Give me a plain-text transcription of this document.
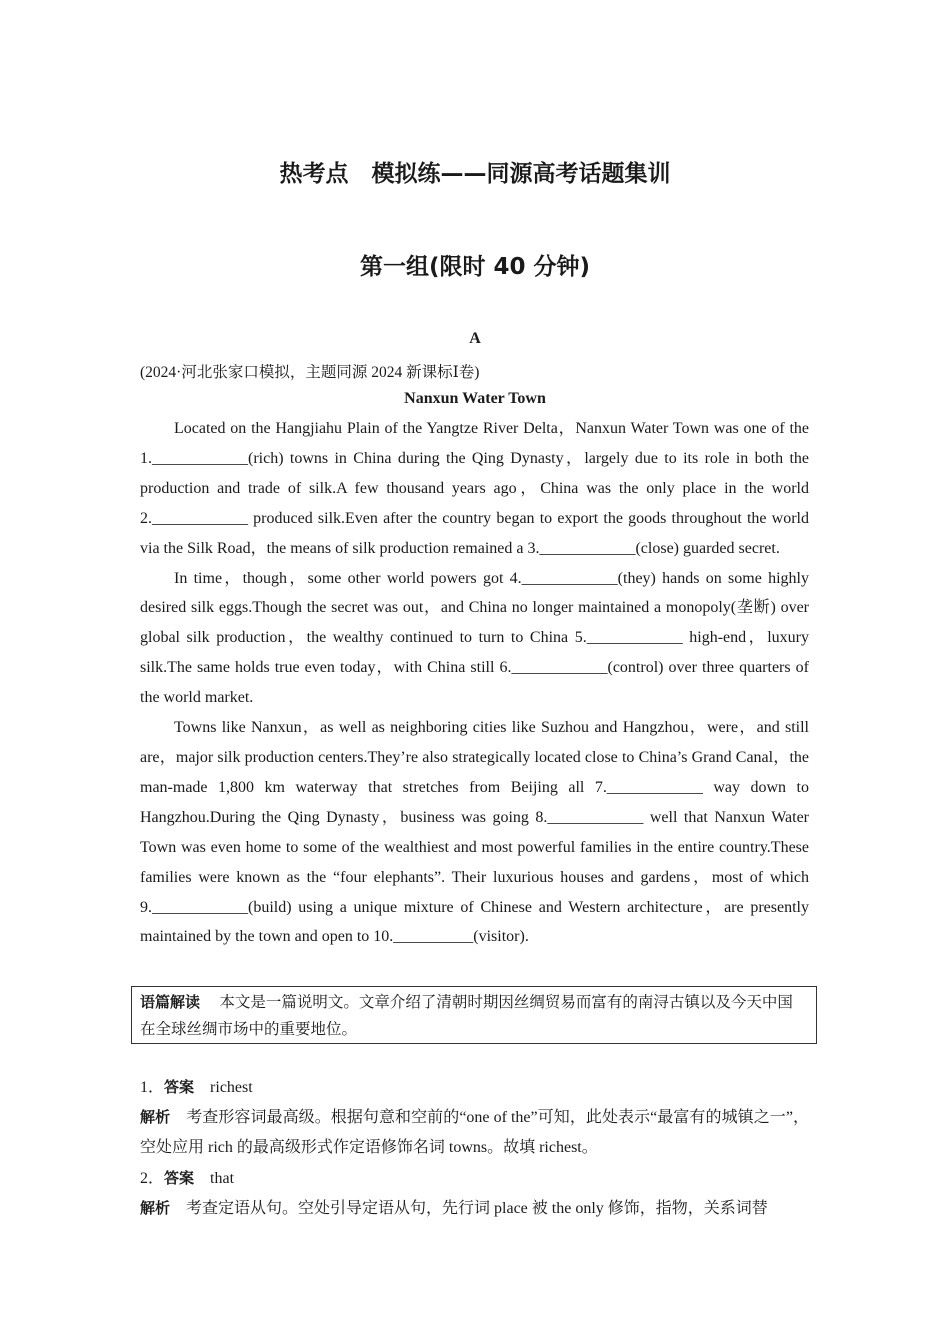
热考点　模拟练——同源高考话题集训
第一组(限时 40 分钟)
A
(2024·河北张家口模拟，主题同源 2024 新课标Ⅰ卷)
Nanxun Water Town

Located on the Hangjiahu Plain of the Yangtze River Delta，Nanxun Water Town was one of the 1.____________(rich) towns in China during the Qing Dynasty，largely due to its role in both the production and trade of silk.A few thousand years ago，China was the only place in the world 2.____________ produced silk.Even after the country began to export the goods throughout the world via the Silk Road，the means of silk production remained a 3.____________(close) guarded secret.

In time，though，some other world powers got 4.____________(they) hands on some highly desired silk eggs.Though the secret was out，and China no longer maintained a monopoly(垄断) over global silk production，the wealthy continued to turn to China 5.____________ high-end，luxury silk.The same holds true even today，with China still 6.____________(control) over three quarters of the world market.

Towns like Nanxun，as well as neighboring cities like Suzhou and Hangzhou，were，and still are，major silk production centers.They’re also strategically located close to China’s Grand Canal，the man-made 1,800 km waterway that stretches from Beijing all 7.____________ way down to Hangzhou.During the Qing Dynasty，business was going 8.____________ well that Nanxun Water Town was even home to some of the wealthiest and most powerful families in the entire country.These families were known as the “four elephants”. Their luxurious houses and gardens，most of which 9.____________(build) using a unique mixture of Chinese and Western architecture，are presently maintained by the town and open to 10.__________(visitor).

语篇解读 　 本文是一篇说明文。文章介绍了清朝时期因丝绸贸易而富有的南浔古镇以及今天中国在全球丝绸市场中的重要地位。
1．答案　 richest
解析　 考查形容词最高级。根据句意和空前的“one of the”可知，此处表示“最富有的城镇之一”，空处应用 rich 的最高级形式作定语修饰名词 towns。故填 richest。
2．答案　 that
解析　 考查定语从句。空处引导定语从句，先行词 place 被 the only 修饰，指物，关系词替
